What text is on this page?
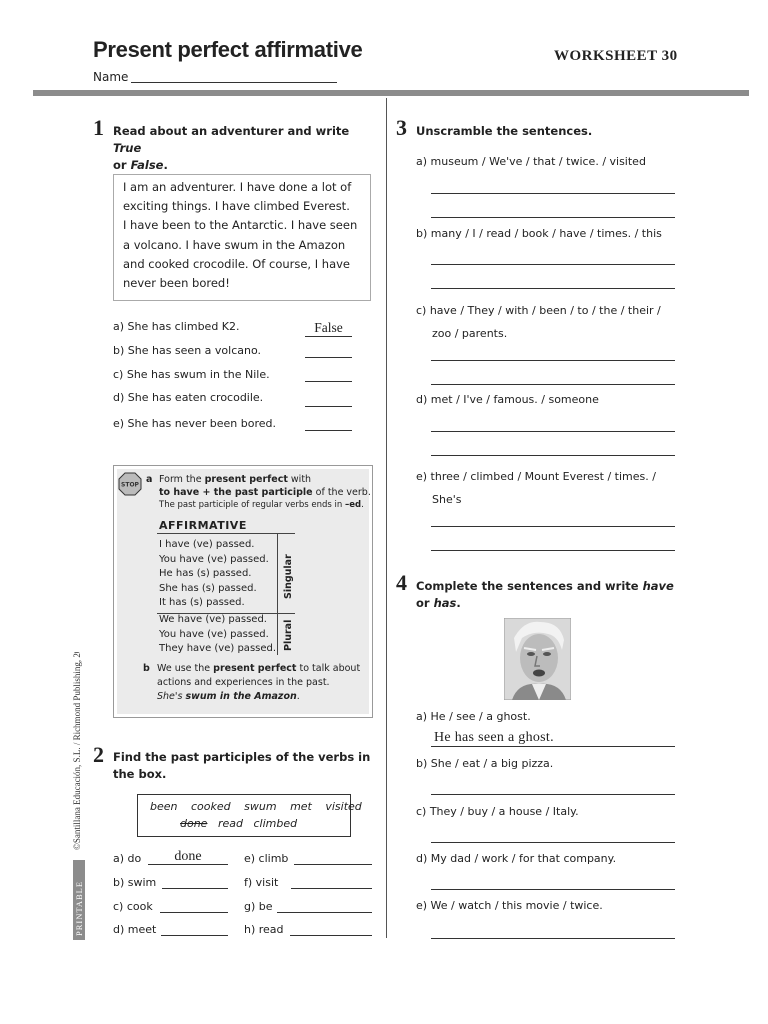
Present perfect affirmative	WORKSHEET 30
Name
©Santillana Educación, S.L. / Richmond Publishing, 2009
PRINTABLE
1 Read about an adventurer and write True
or False.
I am an adventurer. I have done a lot of
exciting things. I have climbed Everest.
I have been to the Antarctic. I have seen
a volcano. I have swum in the Amazon
and cooked crocodile. Of course, I have
never been bored!
a) She has climbed K2.
b) She has seen a volcano.
c) She has swum in the Nile.
d) She has eaten crocodile.
e) She has never been bored.
False
STOP a Form the present perfect with
to have + the past participle of the verb.
The past participle of regular verbs ends in –ed.
AFFIRMATIVE
I have (ve) passed.
You have (ve) passed.
He has (s) passed.
She has (s) passed.
It has (s) passed.
We have (ve) passed.
You have (ve) passed.
They have (ve) passed.
Singular
Plural
b We use the present perfect to talk about
actions and experiences in the past.
She's swum in the Amazon.
2 Find the past participles of the verbs in
the box.
been cooked swum met visited
done read climbed
a) do
b) swim
c) cook
d) meet
done	e) climb
f) visit
g) be
h) read
3 Unscramble the sentences.
a) museum / We've / that / twice. / visited
b) many / I / read / book / have / times. / this
c) have / They / with / been / to / the / their /
zoo / parents.
d) met / I've / famous. / someone
e) three / climbed / Mount Everest / times. /
She's
4 Complete the sentences and write have
or has.
a) He / see / a ghost.
He has seen a ghost.
b) She / eat / a big pizza.
c) They / buy / a house / Italy.
d) My dad / work / for that company.
e) We / watch / this movie / twice.
